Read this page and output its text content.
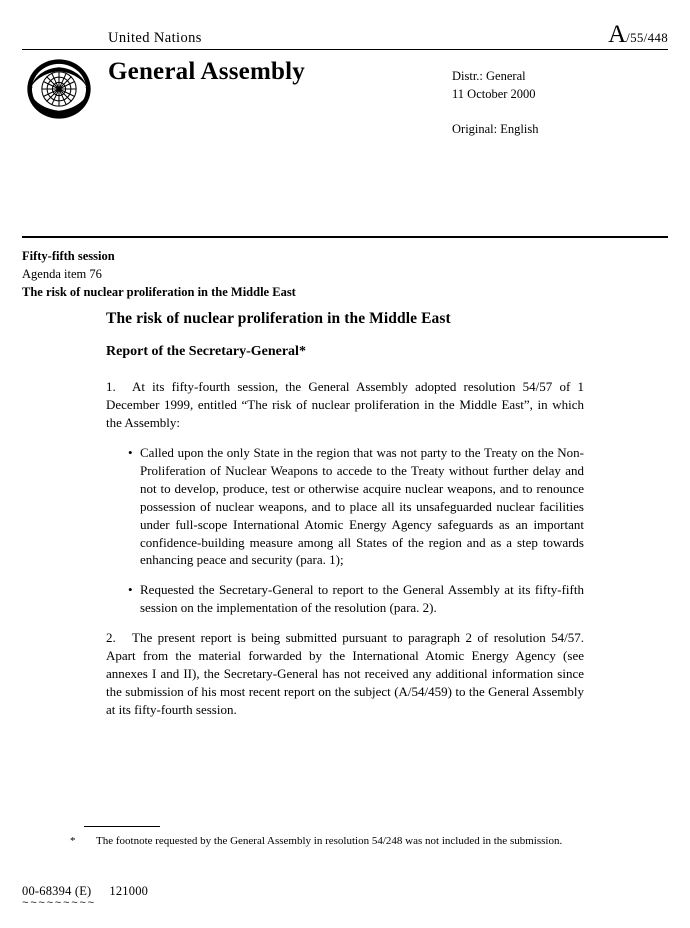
United Nations	A/55/448
General Assembly	Distr.: General
11 October 2000
Original: English
Fifty-fifth session
Agenda item 76
The risk of nuclear proliferation in the Middle East
The risk of nuclear proliferation in the Middle East
Report of the Secretary-General*

1. At its fifty-fourth session, the General Assembly adopted resolution 54/57 of 1 December 1999, entitled “The risk of nuclear proliferation in the Middle East”, in which the Assembly:

• Called upon the only State in the region that was not party to the Treaty on the Non-Proliferation of Nuclear Weapons to accede to the Treaty without further delay and not to develop, produce, test or otherwise acquire nuclear weapons, and to renounce possession of nuclear weapons, and to place all its unsafeguarded nuclear facilities under full-scope International Atomic Energy Agency safeguards as an important confidence-building measure among all States of the region and as a step towards enhancing peace and security (para. 1);
• Requested the Secretary-General to report to the General Assembly at its fifty-fifth session on the implementation of the resolution (para. 2).

2. The present report is being submitted pursuant to paragraph 2 of resolution 54/57. Apart from the material forwarded by the International Atomic Energy Agency (see annexes I and II), the Secretary-General has not received any additional information since the submission of his most recent report on the subject (A/54/459) to the General Assembly at its fifty-fourth session.

* The footnote requested by the General Assembly in resolution 54/248 was not included in the submission.
00-68394 (E) 121000
~~~~~~~~~
